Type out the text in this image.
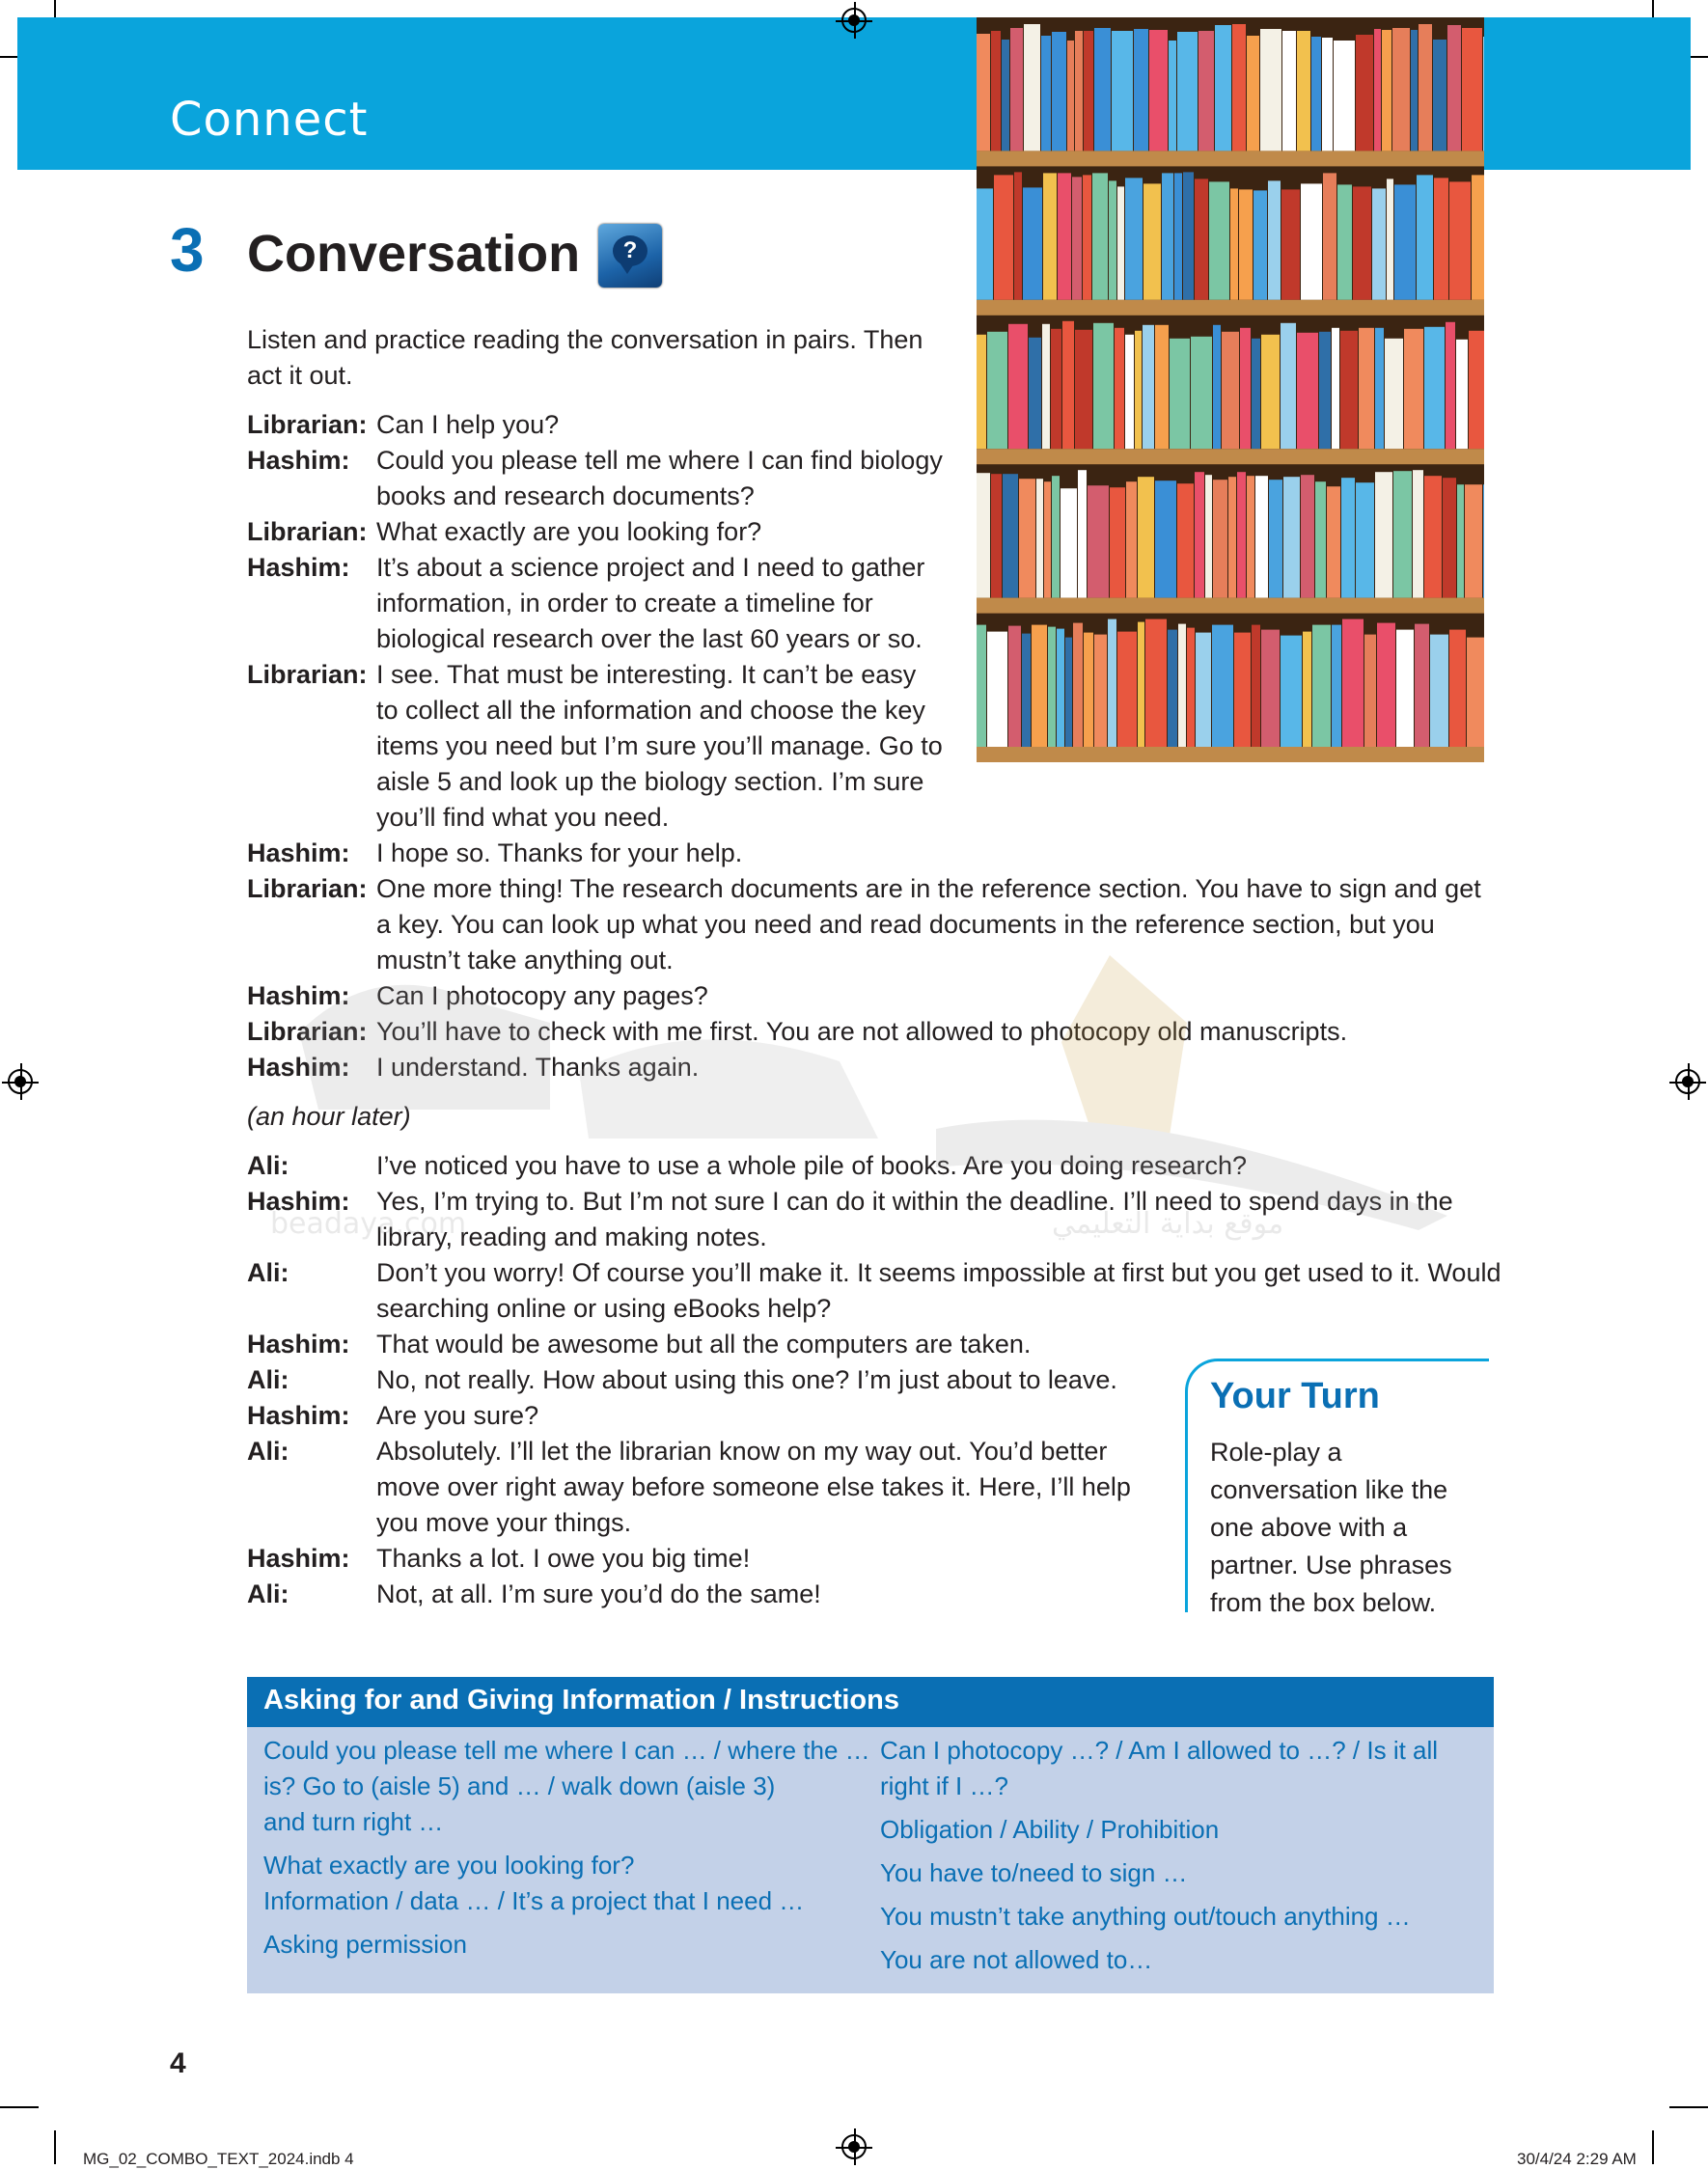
Connect
3 Conversation	?
Listen and practice reading the conversation in pairs. Then act it out.
Librarian: Can I help you?
Hashim: Could you please tell me where I can find biology
books and research documents?
Librarian: What exactly are you looking for?
Hashim: It’s about a science project and I need to gather
information, in order to create a timeline for
biological research over the last 60 years or so.
Librarian: I see. That must be interesting. It can’t be easy
to collect all the information and choose the key
items you need but I’m sure you’ll manage. Go to
aisle 5 and look up the biology section. I’m sure
you’ll find what you need.
Hashim: I hope so. Thanks for your help.
Librarian: One more thing! The research documents are in the reference section. You have to sign and get
a key. You can look up what you need and read documents in the reference section, but you
mustn’t take anything out.
Hashim: Can I photocopy any pages?
Librarian: You’ll have to check with me first. You are not allowed to photocopy old manuscripts.
Hashim: I understand. Thanks again.
(an hour later)
Ali:	I’ve noticed you have to use a whole pile of books. Are you doing research?
Hashim: Yes, I’m trying to. But I’m not sure I can do it within the deadline. I’ll need to spend days in the
library, reading and making notes.
Ali:	Don’t you worry! Of course you’ll make it. It seems impossible at first but you get used to it. Would
searching online or using eBooks help?
Hashim: That would be awesome but all the computers are taken.
Ali:	No, not really. How about using this one? I’m just about to leave.
Hashim: Are you sure?
Ali:	Absolutely. I’ll let the librarian know on my way out. You’d better
move over right away before someone else takes it. Here, I’ll help
you move your things.
Hashim: Thanks a lot. I owe you big time!
Ali:	Not, at all. I’m sure you’d do the same!
beadaya.com	موقع بداية التعليمي
Your Turn
Role-play a
conversation like the
one above with a
partner. Use phrases
from the box below.
Asking for and Giving Information / Instructions
Could you please tell me where I can … / where the …
is? Go to (aisle 5) and … / walk down (aisle 3)
and turn right …
What exactly are you looking for?
Information / data … / It’s a project that I need …
Asking permission
Can I photocopy …? / Am I allowed to …? / Is it all
right if I …?
Obligation / Ability / Prohibition
You have to/need to sign …
You mustn’t take anything out/touch anything …
You are not allowed to…
4
MG_02_COMBO_TEXT_2024.indb 4	30/4/24 2:29 AM
